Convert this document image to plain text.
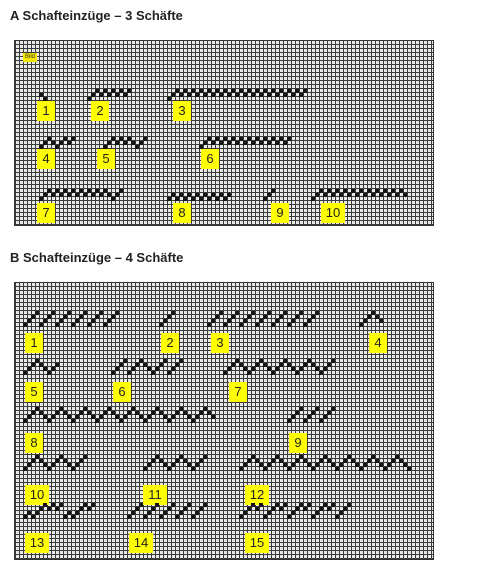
A Schafteinzüge – 3 Schäfte
Bild
1	2	3
4	5	6
7	8	9	10
B Schafteinzüge – 4 Schäfte
1	2	3	4
5	6	7
8	9
10	11	12
13	14	15
